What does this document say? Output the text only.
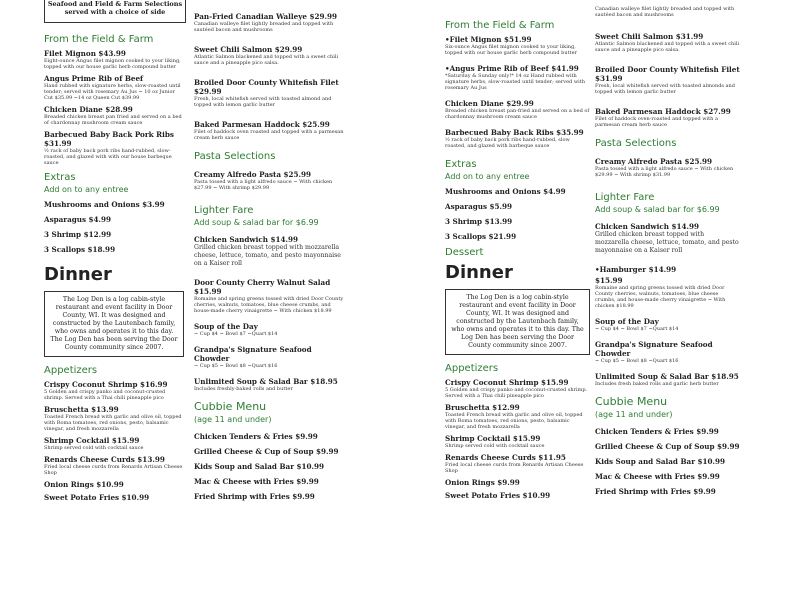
Seafood and Field & Farm Selections served with a choice of side
From the Field & Farm
Filet Mignon $43.99
Eight-ounce Angus filet mignon cooked to your liking, topped with our house garlic herb compound butter
Angus Prime Rib of Beef
Hand rubbed with signature herbs, slow-roasted until tender; served with rosemary Au Jus ~ 10 oz Junior Cut $35.99 ~14 oz Queen Cut $39.99
Chicken Diane $28.99
Breaded chicken breast pan fried and served on a bed of chardonnay mushroom cream sauce
Barbecued Baby Back Pork Ribs $31.99
½ rack of baby back pork ribs hand-rubbed, slow-roasted, and glazed with with our house barbeque sauce
Extras
Add on to any entree
Mushrooms and Onions $3.99
Asparagus $4.99
3 Shrimp $12.99
3 Scallops $18.99
Dinner
The Log Den is a log cabin-style restaurant and event facility in Door County, WI. It was designed and constructed by the Lautenbach family, who owns and operates it to this day. The Log Den has been serving the Door County community since 2007.
Appetizers
Crispy Coconut Shrimp $16.99
5 Golden and crispy panko and coconut-crusted shrimp. Served with a Thai chili pineapple pico
Bruschetta $13.99
Toasted French bread with garlic and olive oil, topped with Roma tomatoes, red onions, pesto, balsamic vinegar, and fresh mozzarella
Shrimp Cocktail $15.99
Shrimp served cold with cocktail sauce
Renards Cheese Curds $13.99
Fried local cheese curds from Renards Artisan Cheese Shop
Onion Rings $10.99
Sweet Potato Fries $10.99
Pan-Fried Canadian Walleye $29.99
Canadian walleye filet lightly breaded and topped with sautéed bacon and mushrooms
Sweet Chili Salmon $29.99
Atlantic Salmon blackened and topped with a sweet chili sauce and a pineapple pico salsa.
Broiled Door County Whitefish Filet $29.99
Fresh, local whitefish served with toasted almond and topped with lemon garlic butter
Baked Parmesan Haddock $25.99
Filet of haddock oven roasted and topped with a parmesan cream herb sauce
Pasta Selections
Creamy Alfredo Pasta $25.99
Pasta tossed with a light alfredo sauce ~ With chicken $27.99 ~ With shrimp $29.99
Lighter Fare
Add soup & salad bar for $6.99
Chicken Sandwich $14.99
Grilled chicken breast topped with mozzarella cheese, lettuce, tomato, and pesto mayonnaise on a Kaiser roll
Door County Cherry Walnut Salad $15.99
Romaine and spring greens tossed with dried Door County cherries, walnuts, tomatoes, blue cheese crumbs, and house-made cherry vinaigrette ~ With chicken $18.99
Soup of the Day
~ Cup $4 ~ Bowl $7 ~Quart $14
Grandpa's Signature Seafood Chowder
~ Cup $5 ~ Bowl $8 ~Quart $16
Unlimited Soup & Salad Bar $18.95
Includes freshly-baked rolls and butter
Cubbie Menu
(age 11 and under)
Chicken Tenders & Fries $9.99
Grilled Cheese & Cup of Soup $9.99
Kids Soup and Salad Bar $10.99
Mac & Cheese with Fries $9.99
Fried Shrimp with Fries $9.99
From the Field & Farm
•Filet Mignon $51.99
Six-ounce Angus filet mignon cooked to your liking, topped with our house garlic herb compound butter
•Angus Prime Rib of Beef $41.99
*Saturday & Sunday only!* 14 oz Hand rubbed with signature herbs, slow-roasted until tender; served with rosemary Au Jus
Chicken Diane $29.99
Breaded chicken breast pan-fried and served on a bed of chardonnay mushroom cream sauce
Barbecued Baby Back Ribs $35.99
½ rack of baby back pork ribs hand-rubbed, slow roasted, and glazed with barbeque sauce
Extras
Add on to any entree
Mushrooms and Onions $4.99
Asparagus $5.99
3 Shrimp $13.99
3 Scallops $21.99
Dessert
Dinner
The Log Den is a log cabin-style restaurant and event facility in Door County, WI. It was designed and constructed by the Lautenbach family, who owns and operates it to this day. The Log Den has been serving the Door County community since 2007.
Appetizers
Crispy Coconut Shrimp $15.99
5 Golden and crispy panko and coconut-crusted shrimp. Served with a Thai chili pineapple pico
Bruschetta $12.99
Toasted French bread with garlic and olive oil, topped with Roma tomatoes, red onions, pesto, balsamic vinegar, and fresh mozzarella
Shrimp Cocktail $15.99
Shrimp served cold with cocktail sauce
Renards Cheese Curds $11.95
Fried local cheese curds from Renards Artisan Cheese Shop
Onion Rings $9.99
Sweet Potato Fries $10.99
Canadian walleye filet lightly breaded and topped with sautéed bacon and mushrooms
Sweet Chili Salmon $31.99
Atlantic Salmon blackened and topped with a sweet chili sauce and a pineapple pico salsa.
Broiled Door County Whitefish Filet $31.99
Fresh, local whitefish served with toasted almonds and topped with lemon garlic butter
Baked Parmesan Haddock $27.99
Filet of haddock oven-roasted and topped with a parmesan cream herb sauce
Pasta Selections
Creamy Alfredo Pasta $25.99
Pasta tossed with a light alfredo sauce ~ With chicken $29.99 ~ With shrimp $31.99
Lighter Fare
Add soup & salad bar for $6.99
Chicken Sandwich $14.99
Grilled chicken breast topped with mozzarella cheese, lettuce, tomato, and pesto mayonnaise on a Kaiser roll
•Hamburger $14.99
$15.99
Romaine and spring greens tossed with dried Door County cherries, walnuts, tomatoes, blue cheese crumbs, and house-made cherry vinaigrette ~ With chicken $18.99
Soup of the Day
~ Cup $4 ~ Bowl $7 ~Quart $14
Grandpa's Signature Seafood Chowder
~ Cup $5 ~ Bowl $8 ~Quart $16
Unlimited Soup & Salad Bar $18.95
Includes fresh baked rolls and garlic herb butter
Cubbie Menu
(age 11 and under)
Chicken Tenders & Fries $9.99
Grilled Cheese & Cup of Soup $9.99
Kids Soup and Salad Bar $10.99
Mac & Cheese with Fries $9.99
Fried Shrimp with Fries $9.99
